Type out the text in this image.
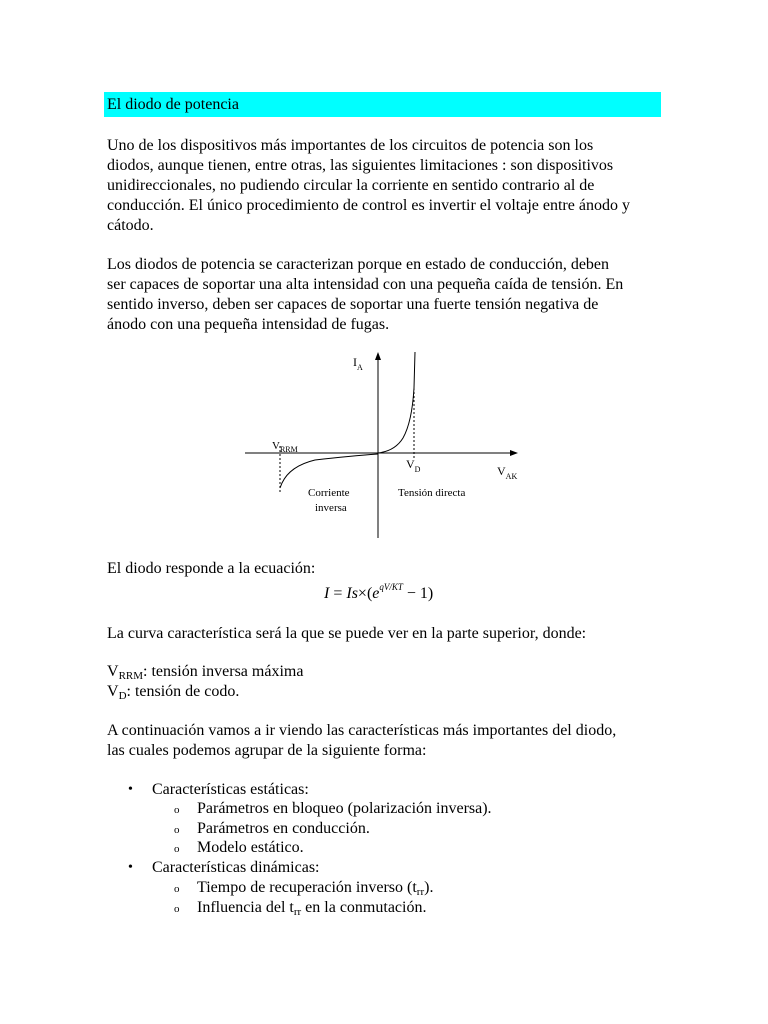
El diodo de potencia

Uno de los dispositivos más importantes de los circuitos de potencia son los
diodos, aunque tienen, entre otras, las siguientes limitaciones : son dispositivos
unidireccionales, no pudiendo circular la corriente en sentido contrario al de
conducción. El único procedimiento de control es invertir el voltaje entre ánodo y
cátodo.

Los diodos de potencia se caracterizan porque en estado de conducción, deben
ser capaces de soportar una alta intensidad con una pequeña caída de tensión. En
sentido inverso, deben ser capaces de soportar una fuerte tensión negativa de
ánodo con una pequeña intensidad de fugas.

$I_A$
$V_{AK}$
$V_{RRM}$
$V_D$
Corriente
inversa
Tensión directa

El diodo responde a la ecuación:

$I = Is\times(e^{qV/KT} - 1)$

La curva característica será la que se puede ver en la parte superior, donde:

$V_{RRM}$: tensión inversa máxima
$V_D$: tensión de codo.

A continuación vamos a ir viendo las características más importantes del diodo,
las cuales podemos agrupar de la siguiente forma:

• Características estáticas:
o Parámetros en bloqueo (polarización inversa).
o Parámetros en conducción.
o Modelo estático.
• Características dinámicas:
o Tiempo de recuperación inverso $(t_{rr})$.
o Influencia del $t_{rr}$ en la conmutación.
